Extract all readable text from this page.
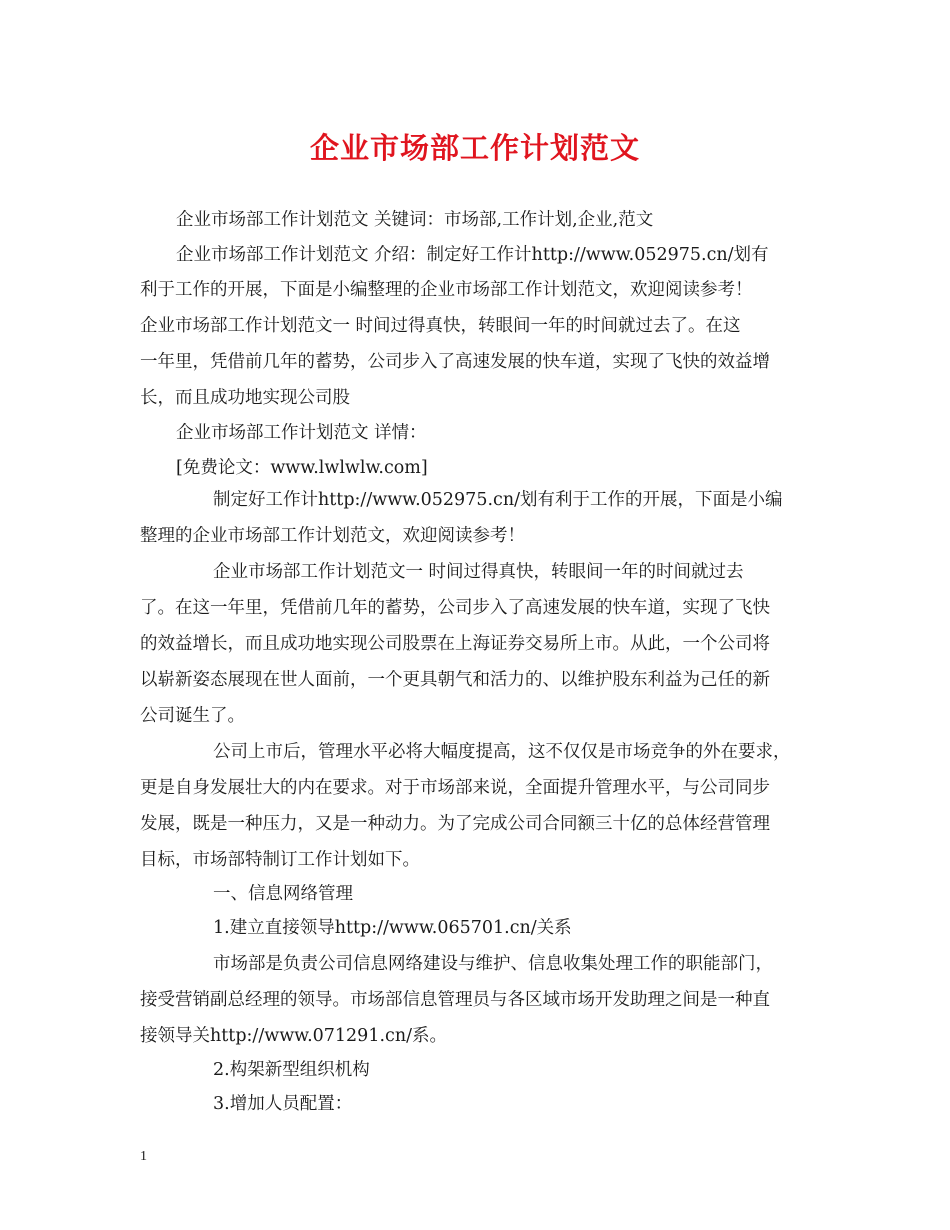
企业市场部工作计划范文
企业市场部工作计划范文 关键词：市场部,工作计划,企业,范文
企业市场部工作计划范文 介绍：制定好工作计http://www.052975.cn/划有
利于工作的开展，下面是小编整理的企业市场部工作计划范文，欢迎阅读参考！
企业市场部工作计划范文一 时间过得真快，转眼间一年的时间就过去了。在这
一年里，凭借前几年的蓄势，公司步入了高速发展的快车道，实现了飞快的效益增
长，而且成功地实现公司股
企业市场部工作计划范文 详情：
[免费论文：www.lwlwlw.com]
制定好工作计http://www.052975.cn/划有利于工作的开展，下面是小编
整理的企业市场部工作计划范文，欢迎阅读参考！
企业市场部工作计划范文一 时间过得真快，转眼间一年的时间就过去
了。在这一年里，凭借前几年的蓄势，公司步入了高速发展的快车道，实现了飞快
的效益增长，而且成功地实现公司股票在上海证券交易所上市。从此，一个公司将
以崭新姿态展现在世人面前，一个更具朝气和活力的、以维护股东利益为己任的新
公司诞生了。
公司上市后，管理水平必将大幅度提高，这不仅仅是市场竞争的外在要求，
更是自身发展壮大的内在要求。对于市场部来说，全面提升管理水平，与公司同步
发展，既是一种压力，又是一种动力。为了完成公司合同额三十亿的总体经营管理
目标，市场部特制订工作计划如下。
一、信息网络管理
1.建立直接领导http://www.065701.cn/关系
市场部是负责公司信息网络建设与维护、信息收集处理工作的职能部门，
接受营销副总经理的领导。市场部信息管理员与各区域市场开发助理之间是一种直
接领导关http://www.071291.cn/系。
2.构架新型组织机构
3.增加人员配置：
1
